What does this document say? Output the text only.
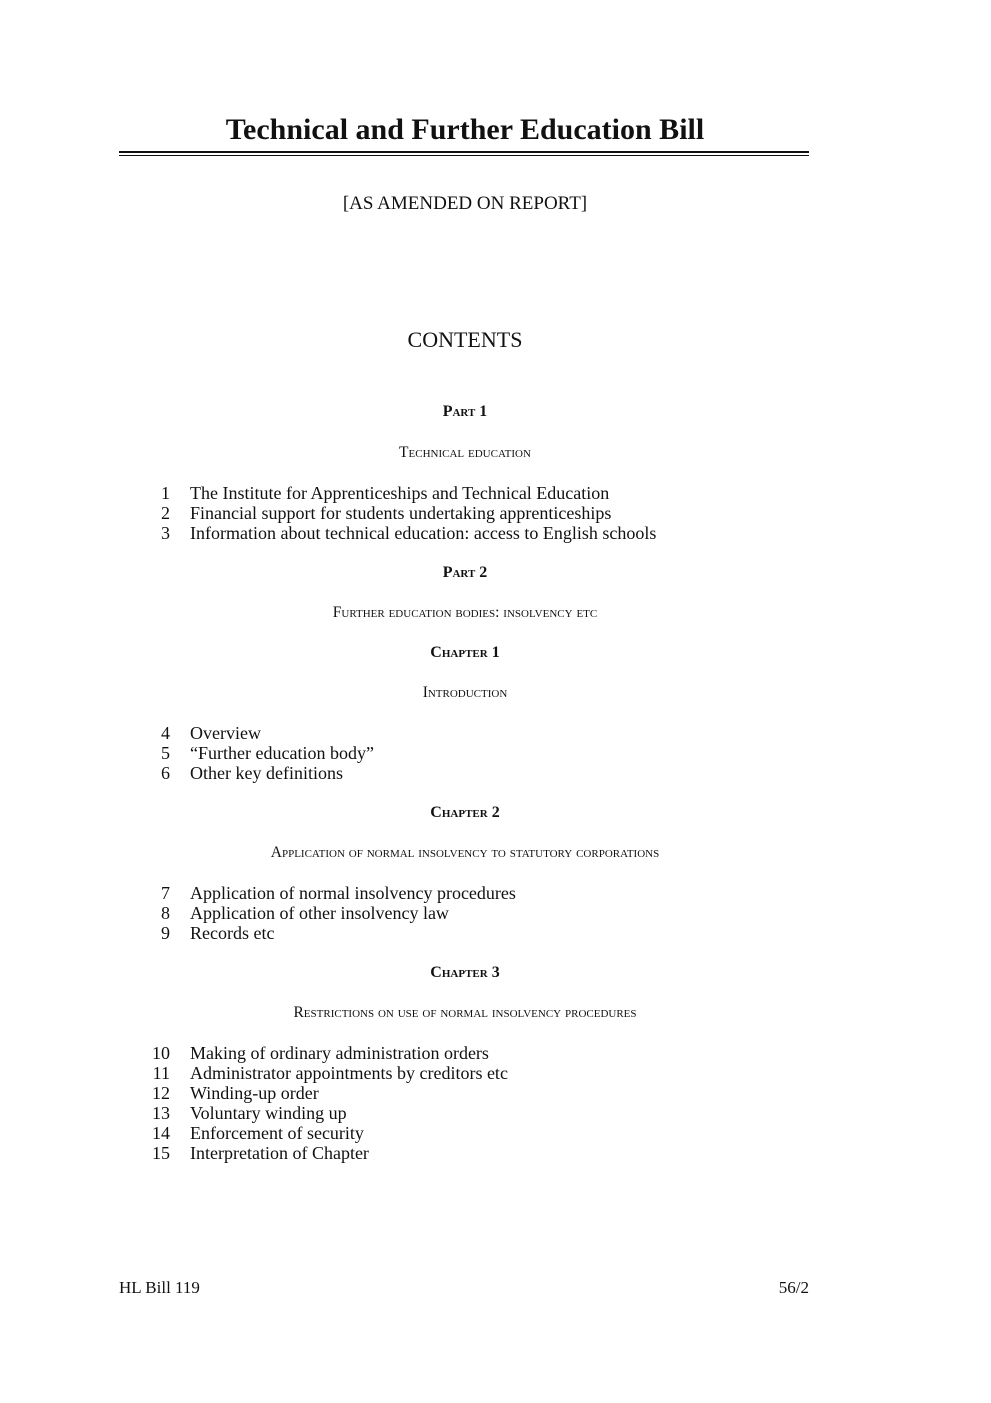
Technical and Further Education Bill
[AS AMENDED ON REPORT]
CONTENTS
Part 1
Technical education
1 The Institute for Apprenticeships and Technical Education
2 Financial support for students undertaking apprenticeships
3 Information about technical education: access to English schools
Part 2
Further education bodies: insolvency etc
Chapter 1
Introduction
4 Overview
5 “Further education body”
6 Other key definitions
Chapter 2
Application of normal insolvency to statutory corporations
7 Application of normal insolvency procedures
8 Application of other insolvency law
9 Records etc
Chapter 3
Restrictions on use of normal insolvency procedures
10 Making of ordinary administration orders
11 Administrator appointments by creditors etc
12 Winding-up order
13 Voluntary winding up
14 Enforcement of security
15 Interpretation of Chapter
HL Bill 119	56/2
